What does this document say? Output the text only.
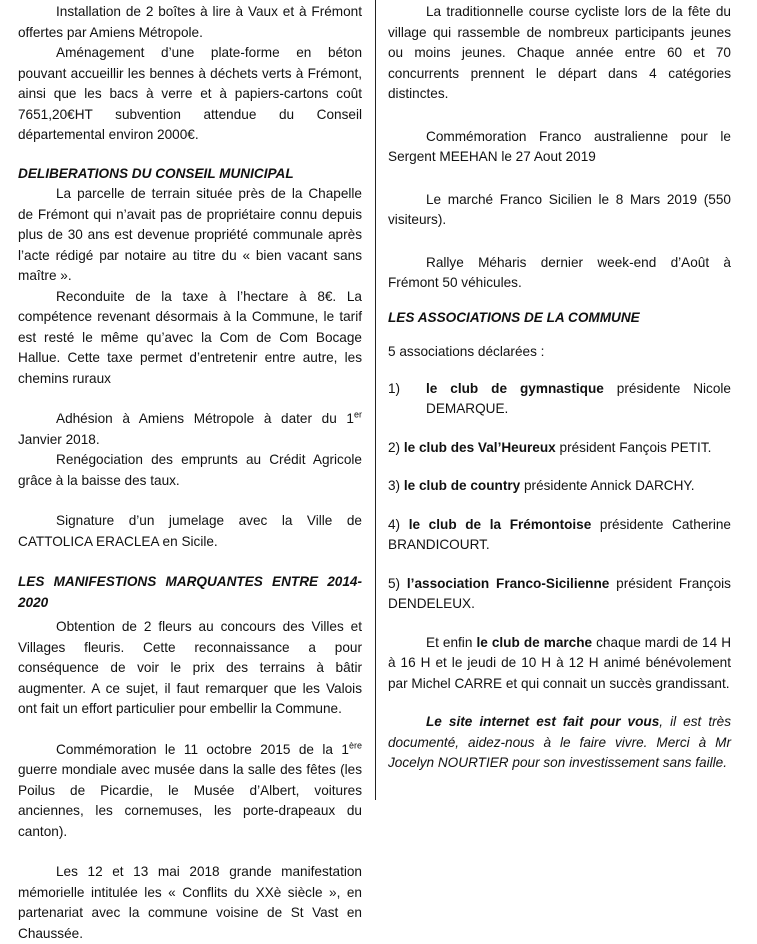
Installation de 2 boîtes à lire à Vaux et à Frémont offertes par Amiens Métropole.

Aménagement d’une plate-forme en béton pouvant accueillir les bennes à déchets verts à Frémont, ainsi que les bacs à verre et à papiers-cartons coût 7651,20€HT subvention attendue du Conseil départemental environ 2000€.

DELIBERATIONS DU CONSEIL MUNICIPAL

La parcelle de terrain située près de la Chapelle de Frémont qui n’avait pas de propriétaire connu depuis plus de 30 ans est devenue propriété communale après l’acte rédigé par notaire au titre du « bien vacant sans maître ».

Reconduite de la taxe à l’hectare à 8€. La compétence revenant désormais à la Commune, le tarif est resté le même qu’avec la Com de Com Bocage Hallue. Cette taxe permet d’entretenir entre autre, les chemins ruraux

Adhésion à Amiens Métropole à dater du 1er Janvier 2018.

Renégociation des emprunts au Crédit Agricole grâce à la baisse des taux.

Signature d’un jumelage avec la Ville de CATTOLICA ERACLEA en Sicile.

LES MANIFESTIONS MARQUANTES ENTRE 2014-2020

Obtention de 2 fleurs au concours des Villes et Villages fleuris. Cette reconnaissance a pour conséquence de voir le prix des terrains à bâtir augmenter. A ce sujet, il faut remarquer que les Valois ont fait un effort particulier pour embellir la Commune.

Commémoration le 11 octobre 2015 de la 1ère guerre mondiale avec musée dans la salle des fêtes (les Poilus de Picardie, le Musée d’Albert, voitures anciennes, les cornemuses, les porte-drapeaux du canton).

Les 12 et 13 mai 2018 grande manifestation mémorielle intitulée les « Conflits du XXè siècle », en partenariat avec la commune voisine de St Vast en Chaussée.

La traditionnelle course cycliste lors de la fête du village qui rassemble de nombreux participants jeunes ou moins jeunes. Chaque année entre 60 et 70 concurrents prennent le départ dans 4 catégories distinctes.

Commémoration Franco australienne pour le Sergent MEEHAN le 27 Aout 2019

Le marché Franco Sicilien le 8 Mars 2019 (550 visiteurs).

Rallye Méharis dernier week-end d’Août à Frémont 50 véhicules.

LES ASSOCIATIONS DE LA COMMUNE

5 associations déclarées :

1)	le club de gymnastique présidente Nicole DEMARQUE.

2) le club des Val’Heureux président Fançois PETIT.

3) le club de country présidente Annick DARCHY.

4) le club de la Frémontoise présidente Catherine BRANDICOURT.

5) l’association Franco-Sicilienne président François DENDELEUX.

Et enfin le club de marche chaque mardi de 14 H à 16 H et le jeudi de 10 H à 12 H animé bénévolement par Michel CARRE et qui connait un succès grandissant.

Le site internet est fait pour vous, il est très documenté, aidez-nous à le faire vivre. Merci à Mr Jocelyn NOURTIER pour son investissement sans faille.
